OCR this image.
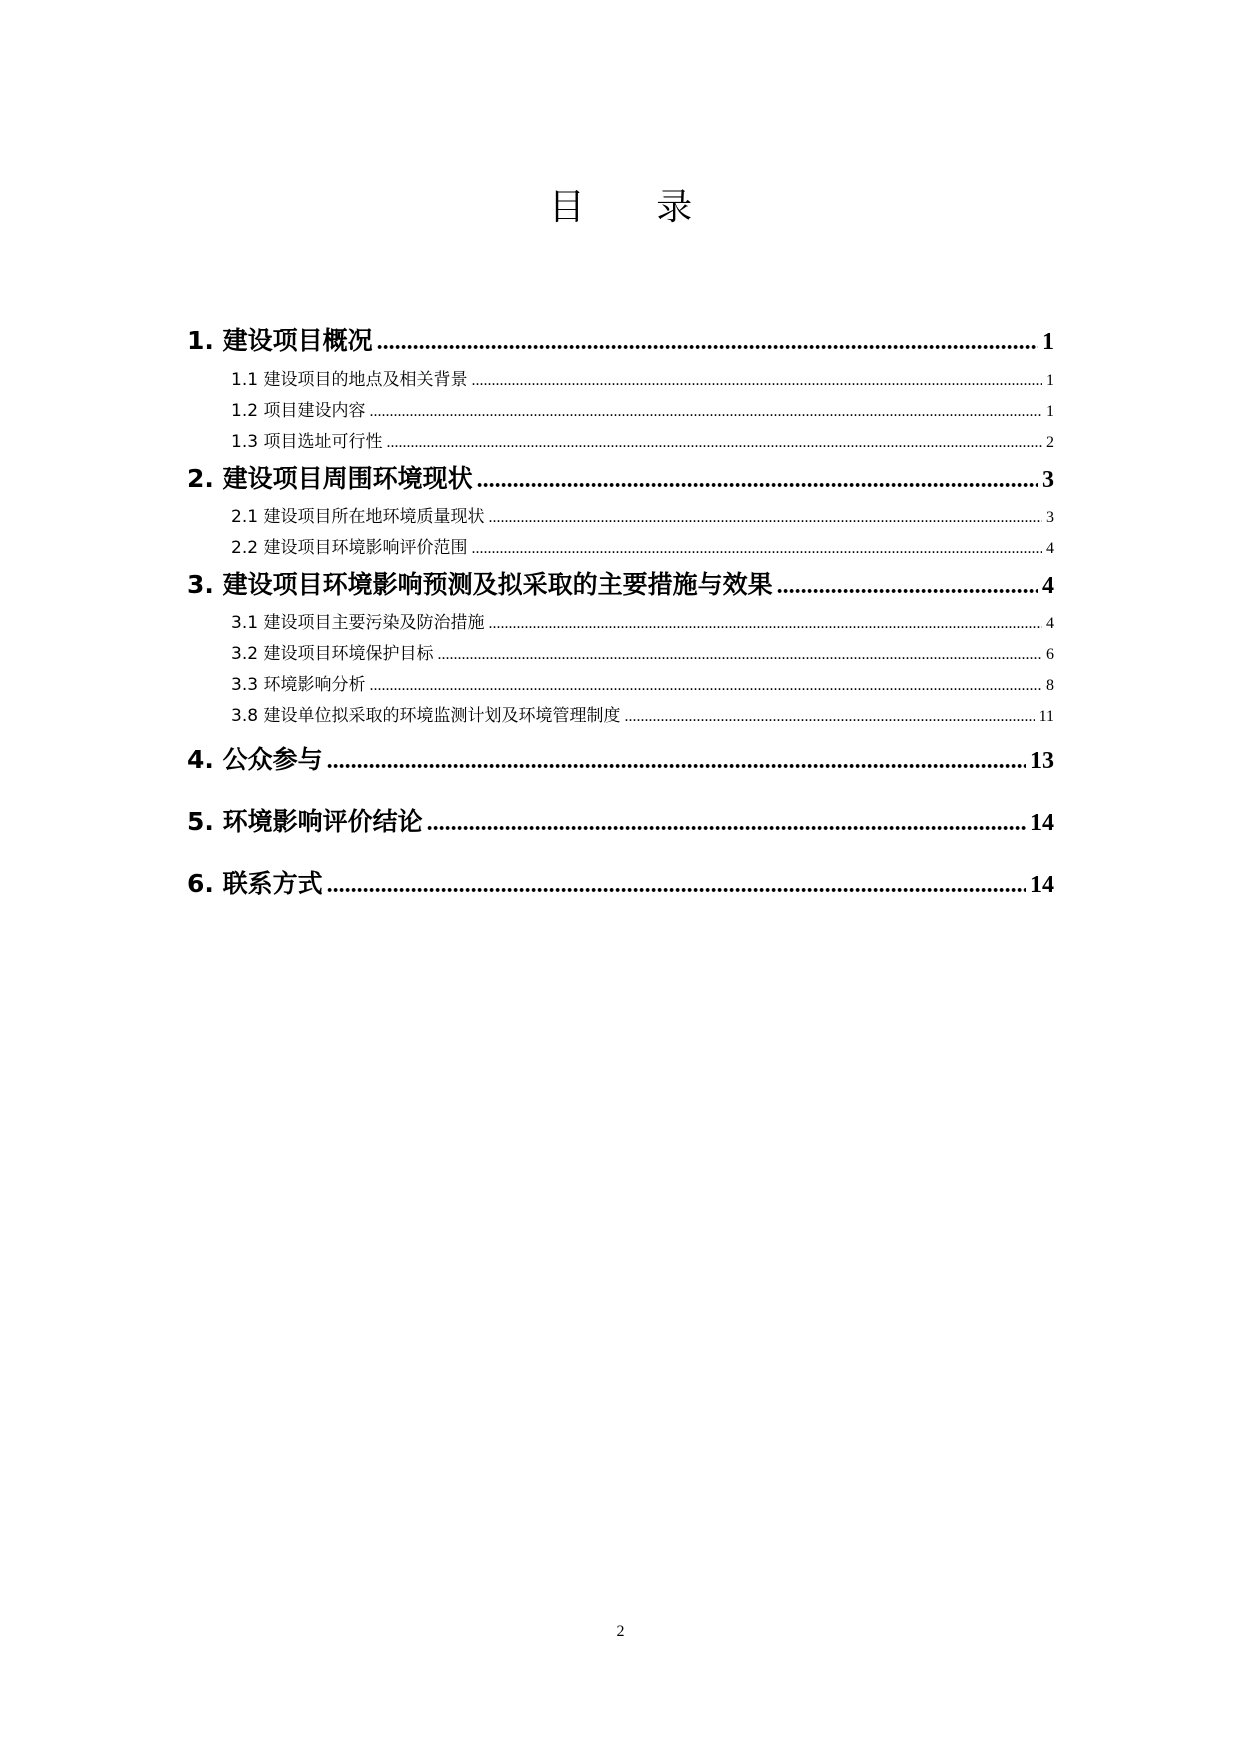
目 录
1. 建设项目概况 .....	1
1.1 建设项目的地点及相关背景 .....	1
1.2 项目建设内容 .....	1
1.3 项目选址可行性 .....	2
2. 建设项目周围环境现状 .....	3
2.1 建设项目所在地环境质量现状 .....	3
2.2 建设项目环境影响评价范围 .....	4
3. 建设项目环境影响预测及拟采取的主要措施与效果 .....	4
3.1 建设项目主要污染及防治措施 .....	4
3.2 建设项目环境保护目标 .....	6
3.3 环境影响分析 .....	8
3.8 建设单位拟采取的环境监测计划及环境管理制度 .....	11
4. 公众参与 .....	13
5. 环境影响评价结论 .....	14
6. 联系方式 .....	14
2
